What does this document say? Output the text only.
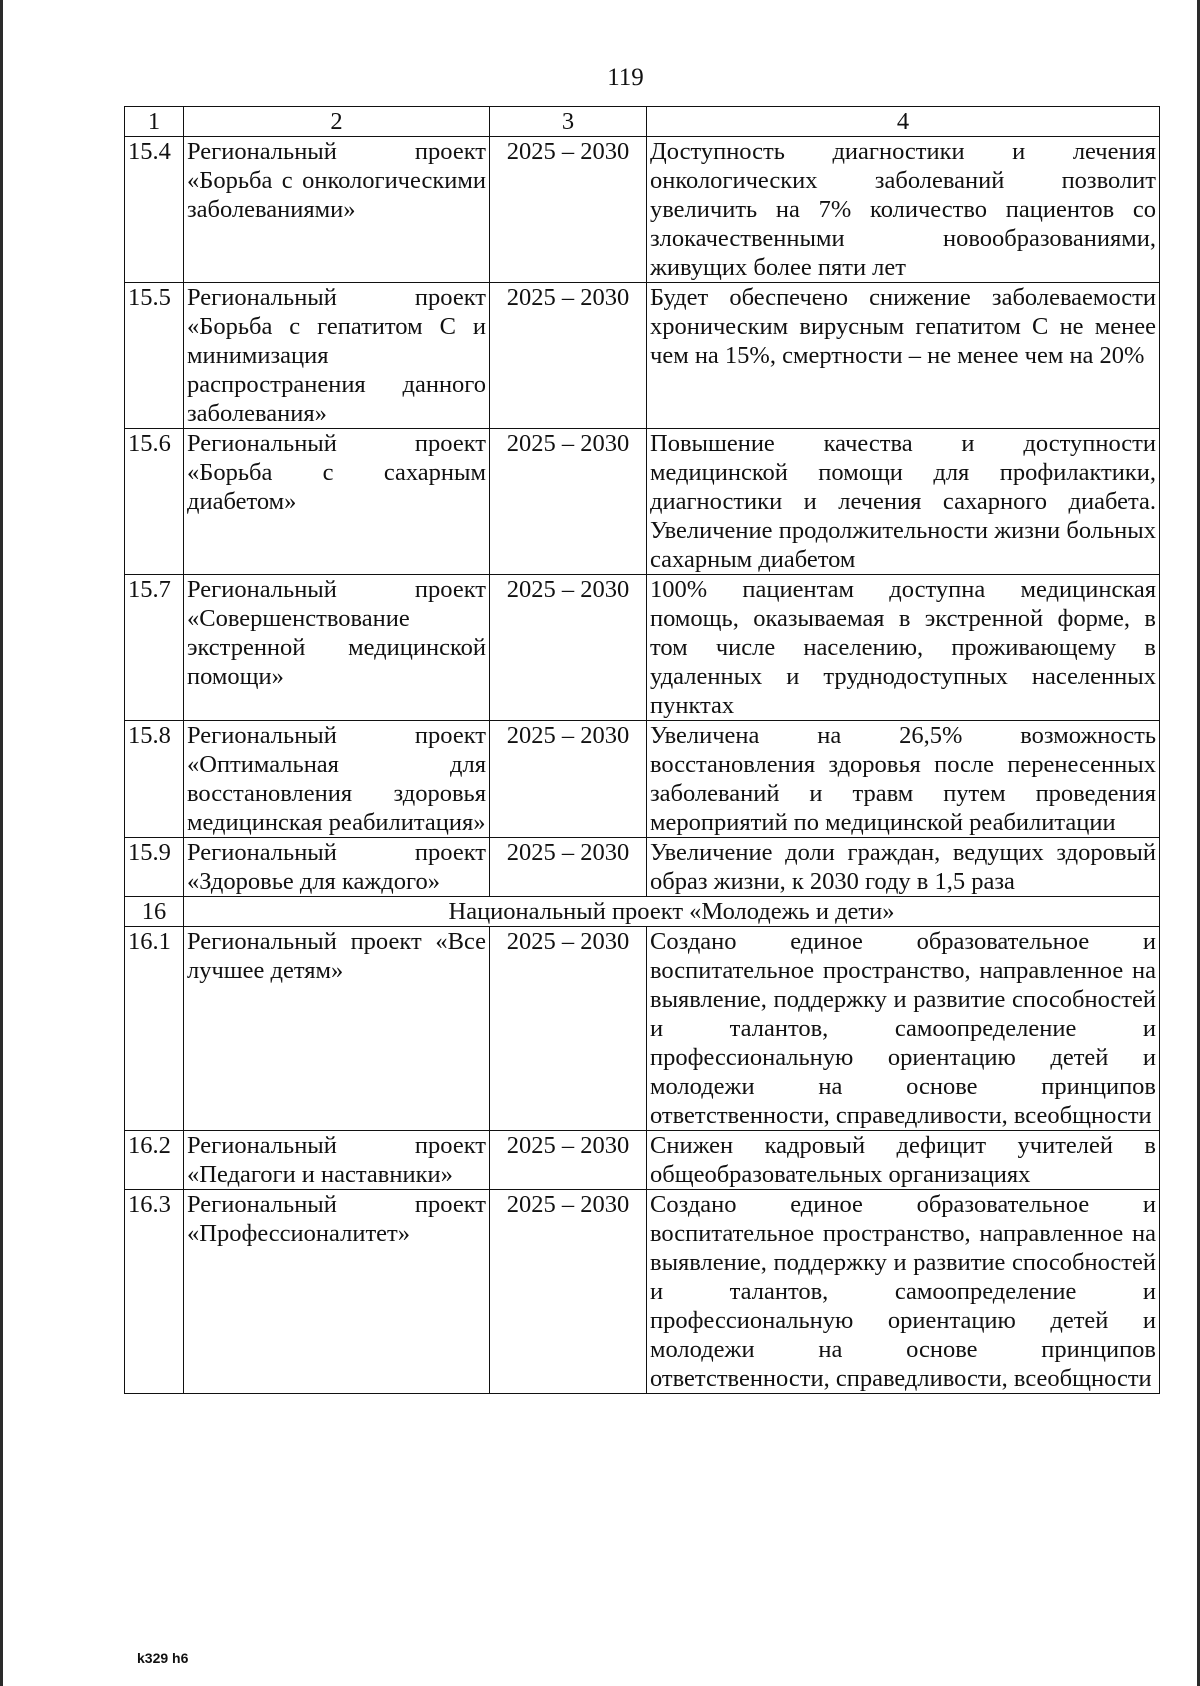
119
1	2	3	4
15.4	Региональный проект «Борьба с онкологическими заболеваниями»	2025 – 2030	Доступность диагностики и лечения онкологических заболеваний позволит увеличить на 7% количество пациентов со злокачественными новообразованиями, живущих более пяти лет
15.5	Региональный проект «Борьба с гепатитом С и минимизация распространения данного заболевания»	2025 – 2030	Будет обеспечено снижение заболеваемости хроническим вирусным гепатитом С не менее чем на 15%, смертности – не менее чем на 20%
15.6	Региональный проект «Борьба с сахарным диабетом»	2025 – 2030	Повышение качества и доступности медицинской помощи для профилактики, диагностики и лечения сахарного диабета. Увеличение продолжительности жизни больных сахарным диабетом
15.7	Региональный проект «Совершенствование экстренной медицинской помощи»	2025 – 2030	100% пациентам доступна медицинская помощь, оказываемая в экстренной форме, в том числе населению, проживающему в удаленных и труднодоступных населенных пунктах
15.8	Региональный проект «Оптимальная для восстановления здоровья медицинская реабилитация»	2025 – 2030	Увеличена на 26,5% возможность восстановления здоровья после перенесенных заболеваний и травм путем проведения мероприятий по медицинской реабилитации
15.9	Региональный проект «Здоровье для каждого»	2025 – 2030	Увеличение доли граждан, ведущих здоровый образ жизни, к 2030 году в 1,5 раза
16	Национальный проект «Молодежь и дети»		
16.1	Региональный проект «Все лучшее детям»	2025 – 2030	Создано единое образовательное и воспитательное пространство, направленное на выявление, поддержку и развитие способностей и талантов, самоопределение и профессиональную ориентацию детей и молодежи на основе принципов ответственности, справедливости, всеобщности
16.2	Региональный проект «Педагоги и наставники»	2025 – 2030	Снижен кадровый дефицит учителей в общеобразовательных организациях
16.3	Региональный проект «Профессионалитет»	2025 – 2030	Создано единое образовательное и воспитательное пространство, направленное на выявление, поддержку и развитие способностей и талантов, самоопределение и профессиональную ориентацию детей и молодежи на основе принципов ответственности, справедливости, всеобщности
k329 h6
